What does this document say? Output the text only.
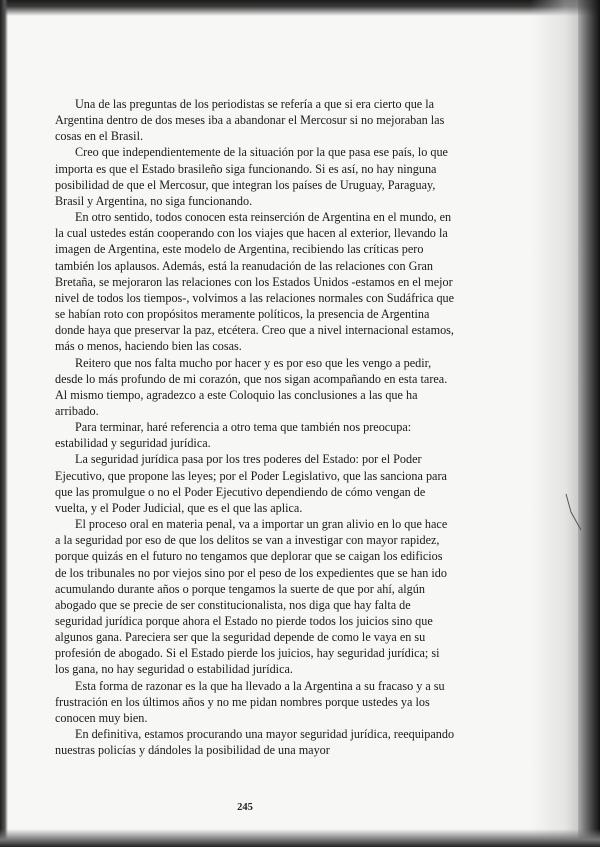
Una de las preguntas de los periodistas se refería a que si era cierto que la Argentina dentro de dos meses iba a abandonar el Mercosur si no mejoraban las cosas en el Brasil.

Creo que independientemente de la situación por la que pasa ese país, lo que importa es que el Estado brasileño siga funcionando. Si es así, no hay ninguna posibilidad de que el Mercosur, que integran los países de Uruguay, Paraguay, Brasil y Argentina, no siga funcionando.

En otro sentido, todos conocen esta reinserción de Argentina en el mundo, en la cual ustedes están cooperando con los viajes que hacen al exterior, llevando la imagen de Argentina, este modelo de Argentina, recibiendo las críticas pero también los aplausos. Además, está la reanudación de las relaciones con Gran Bretaña, se mejoraron las relaciones con los Estados Unidos -estamos en el mejor nivel de todos los tiempos-, volvimos a las relaciones normales con Sudáfrica que se habían roto con propósitos meramente políticos, la presencia de Argentina donde haya que preservar la paz, etcétera. Creo que a nivel internacional estamos, más o menos, haciendo bien las cosas.

Reitero que nos falta mucho por hacer y es por eso que les vengo a pedir, desde lo más profundo de mi corazón, que nos sigan acompañando en esta tarea. Al mismo tiempo, agradezco a este Coloquio las conclusiones a las que ha arribado.

Para terminar, haré referencia a otro tema que también nos preocupa: estabilidad y seguridad jurídica.

La seguridad jurídica pasa por los tres poderes del Estado: por el Poder Ejecutivo, que propone las leyes; por el Poder Legislativo, que las sanciona para que las promulgue o no el Poder Ejecutivo dependiendo de cómo vengan de vuelta, y el Poder Judicial, que es el que las aplica.

El proceso oral en materia penal, va a importar un gran alivio en lo que hace a la seguridad por eso de que los delitos se van a investigar con mayor rapidez, porque quizás en el futuro no tengamos que deplorar que se caigan los edificios de los tribunales no por viejos sino por el peso de los expedientes que se han ido acumulando durante años o porque tengamos la suerte de que por ahí, algún abogado que se precie de ser constitucionalista, nos diga que hay falta de seguridad jurídica porque ahora el Estado no pierde todos los juicios sino que algunos gana. Pareciera ser que la seguridad depende de como le vaya en su profesión de abogado. Si el Estado pierde los juicios, hay seguridad jurídica; si los gana, no hay seguridad o estabilidad jurídica.

Esta forma de razonar es la que ha llevado a la Argentina a su fracaso y a su frustración en los últimos años y no me pidan nombres porque ustedes ya los conocen muy bien.

En definitiva, estamos procurando una mayor seguridad jurídica, reequipando nuestras policías y dándoles la posibilidad de una mayor

245
